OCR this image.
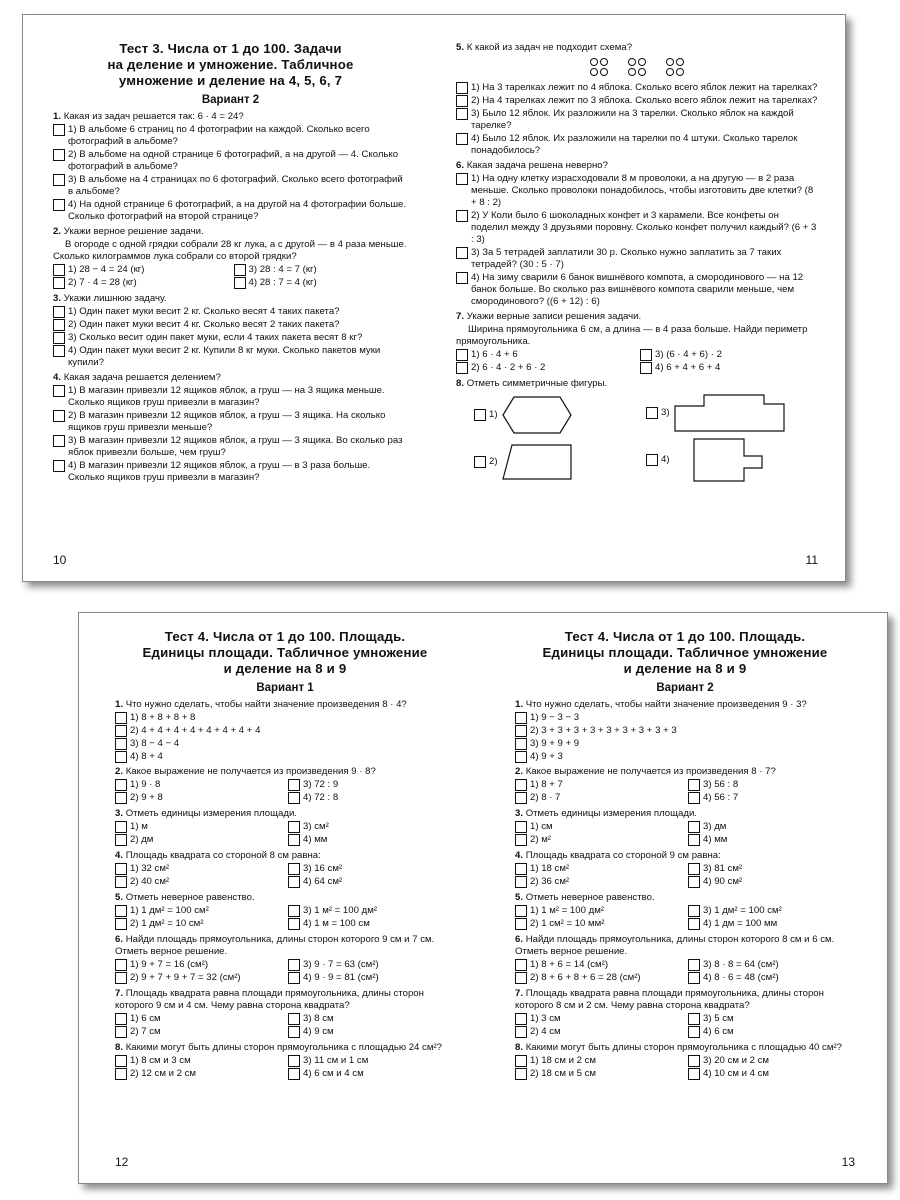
Тест 3. Числа от 1 до 100. Задачи
на деление и умножение. Табличное
умножение и деление на 4, 5, 6, 7
Вариант 2
1. Какая из задач решается так: 6 · 4 = 24?
1) В альбоме 6 страниц по 4 фотографии на каждой. Сколько всего фотографий в альбоме?
2) В альбоме на одной странице 6 фотографий, а на другой — 4. Сколько фотографий в альбоме?
3) В альбоме на 4 страницах по 6 фотографий. Сколько всего фотографий в альбоме?
4) На одной странице 6 фотографий, а на другой на 4 фотографии больше. Сколько фотографий на второй странице?
2. Укажи верное решение задачи.
В огороде с одной грядки собрали 28 кг лука, а с другой — в 4 раза меньше. Сколько килограммов лука собрали со второй грядки?
1) 28 − 4 = 24 (кг)	3) 28 : 4 = 7 (кг)
2) 7 · 4 = 28 (кг)	4) 28 : 7 = 4 (кг)
3. Укажи лишнюю задачу.
1) Один пакет муки весит 2 кг. Сколько весят 4 таких пакета?
2) Один пакет муки весит 4 кг. Сколько весят 2 таких пакета?
3) Сколько весит один пакет муки, если 4 таких пакета весят 8 кг?
4) Один пакет муки весит 2 кг. Купили 8 кг муки. Сколько пакетов муки купили?
4. Какая задача решается делением?
1) В магазин привезли 12 ящиков яблок, а груш — на 3 ящика меньше. Сколько ящиков груш привезли в магазин?
2) В магазин привезли 12 ящиков яблок, а груш — 3 ящика. На сколько ящиков груш привезли меньше?
3) В магазин привезли 12 ящиков яблок, а груш — 3 ящика. Во сколько раз яблок привезли больше, чем груш?
4) В магазин привезли 12 ящиков яблок, а груш — в 3 раза больше. Сколько ящиков груш привезли в магазин?
10
5. К какой из задач не подходит схема?
1) На 3 тарелках лежит по 4 яблока. Сколько всего яблок лежит на тарелках?
2) На 4 тарелках лежит по 3 яблока. Сколько всего яблок лежит на тарелках?
3) Было 12 яблок. Их разложили на 3 тарелки. Сколько яблок на каждой тарелке?
4) Было 12 яблок. Их разложили на тарелки по 4 штуки. Сколько тарелок понадобилось?
6. Какая задача решена неверно?
1) На одну клетку израсходовали 8 м проволоки, а на другую — в 2 раза меньше. Сколько проволоки понадобилось, чтобы изготовить две клетки? (8 + 8 : 2)
2) У Коли было 6 шоколадных конфет и 3 карамели. Все конфеты он поделил между 3 друзьями поровну. Сколько конфет получил каждый? (6 + 3 : 3)
3) За 5 тетрадей заплатили 30 р. Сколько нужно заплатить за 7 таких тетрадей? (30 : 5 · 7)
4) На зиму сварили 6 банок вишнёвого компота, а смородинового — на 12 банок больше. Во сколько раз вишнёвого компота сварили меньше, чем смородинового? ((6 + 12) : 6)
7. Укажи верные записи решения задачи.
Ширина прямоугольника 6 см, а длина — в 4 раза больше. Найди периметр прямоугольника.
1) 6 · 4 + 6	3) (6 · 4 + 6) · 2
2) 6 · 4 · 2 + 6 · 2	4) 6 + 4 + 6 + 4
8. Отметь симметричные фигуры.
1)
2)
3)
4)
11
Тест 4. Числа от 1 до 100. Площадь.
Единицы площади. Табличное умножение
и деление на 8 и 9
Вариант 1
1. Что нужно сделать, чтобы найти значение произведения 8 · 4?
1) 8 + 8 + 8 + 8
2) 4 + 4 + 4 + 4 + 4 + 4 + 4 + 4
3) 8 − 4 − 4
4) 8 + 4
2. Какое выражение не получается из произведения 9 · 8?
1) 9 · 8	3) 72 : 9
2) 9 + 8	4) 72 : 8
3. Отметь единицы измерения площади.
1) м	3) см²
2) дм	4) мм
4. Площадь квадрата со стороной 8 см равна:
1) 32 см²	3) 16 см²
2) 40 см²	4) 64 см²
5. Отметь неверное равенство.
1) 1 дм² = 100 см²	3) 1 м² = 100 дм²
2) 1 дм² = 10 см²	4) 1 м = 100 см
6. Найди площадь прямоугольника, длины сторон которого 9 см и 7 см. Отметь верное решение.
1) 9 + 7 = 16 (см²)	3) 9 · 7 = 63 (см²)
2) 9 + 7 + 9 + 7 = 32 (см²)	4) 9 · 9 = 81 (см²)
7. Площадь квадрата равна площади прямоугольника, длины сторон которого 9 см и 4 см. Чему равна сторона квадрата?
1) 6 см	3) 8 см
2) 7 см	4) 9 см
8. Какими могут быть длины сторон прямоугольника с площадью 24 см²?
1) 8 см и 3 см	3) 11 см и 1 см
2) 12 см и 2 см	4) 6 см и 4 см
12
Тест 4. Числа от 1 до 100. Площадь.
Единицы площади. Табличное умножение
и деление на 8 и 9
Вариант 2
1. Что нужно сделать, чтобы найти значение произведения 9 · 3?
1) 9 − 3 − 3
2) 3 + 3 + 3 + 3 + 3 + 3 + 3 + 3 + 3
3) 9 + 9 + 9
4) 9 + 3
2. Какое выражение не получается из произведения 8 · 7?
1) 8 + 7	3) 56 : 8
2) 8 · 7	4) 56 : 7
3. Отметь единицы измерения площади.
1) см	3) дм
2) м²	4) мм
4. Площадь квадрата со стороной 9 см равна:
1) 18 см²	3) 81 см²
2) 36 см²	4) 90 см²
5. Отметь неверное равенство.
1) 1 м² = 100 дм²	3) 1 дм² = 100 см²
2) 1 см² = 10 мм²	4) 1 дм = 100 мм
6. Найди площадь прямоугольника, длины сторон которого 8 см и 6 см. Отметь верное решение.
1) 8 + 6 = 14 (см²)	3) 8 · 8 = 64 (см²)
2) 8 + 6 + 8 + 6 = 28 (см²)	4) 8 · 6 = 48 (см²)
7. Площадь квадрата равна площади прямоугольника, длины сторон которого 8 см и 2 см. Чему равна сторона квадрата?
1) 3 см	3) 5 см
2) 4 см	4) 6 см
8. Какими могут быть длины сторон прямоугольника с площадью 40 см²?
1) 18 см и 2 см	3) 20 см и 2 см
2) 18 см и 5 см	4) 10 см и 4 см
13
